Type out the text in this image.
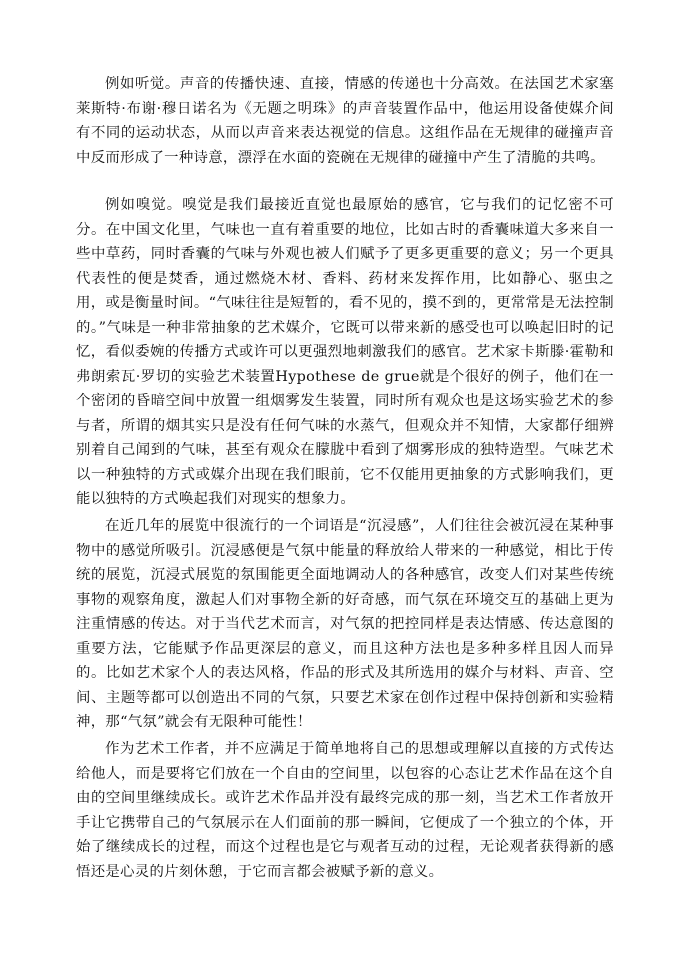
例如听觉。声音的传播快速、直接，情感的传递也十分高效。在法国艺术家塞莱斯特·布谢·穆日诺名为《无题之明珠》的声音装置作品中，他运用设备使媒介间有不同的运动状态，从而以声音来表达视觉的信息。这组作品在无规律的碰撞声音中反而形成了一种诗意，漂浮在水面的瓷碗在无规律的碰撞中产生了清脆的共鸣。

例如嗅觉。嗅觉是我们最接近直觉也最原始的感官，它与我们的记忆密不可分。在中国文化里，气味也一直有着重要的地位，比如古时的香囊味道大多来自一些中草药，同时香囊的气味与外观也被人们赋予了更多更重要的意义；另一个更具代表性的便是焚香，通过燃烧木材、香料、药材来发挥作用，比如静心、驱虫之用，或是衡量时间。“气味往往是短暂的，看不见的，摸不到的，更常常是无法控制的。”气味是一种非常抽象的艺术媒介，它既可以带来新的感受也可以唤起旧时的记忆，看似委婉的传播方式或许可以更强烈地刺激我们的感官。艺术家卡斯滕·霍勒和弗朗索瓦·罗切的实验艺术装置Hypothese de grue就是个很好的例子，他们在一个密闭的昏暗空间中放置一组烟雾发生装置，同时所有观众也是这场实验艺术的参与者，所谓的烟其实只是没有任何气味的水蒸气，但观众并不知情，大家都仔细辨别着自己闻到的气味，甚至有观众在朦胧中看到了烟雾形成的独特造型。气味艺术以一种独特的方式或媒介出现在我们眼前，它不仅能用更抽象的方式影响我们，更能以独特的方式唤起我们对现实的想象力。

在近几年的展览中很流行的一个词语是“沉浸感”，人们往往会被沉浸在某种事物中的感觉所吸引。沉浸感便是气氛中能量的释放给人带来的一种感觉，相比于传统的展览，沉浸式展览的氛围能更全面地调动人的各种感官，改变人们对某些传统事物的观察角度，激起人们对事物全新的好奇感，而气氛在环境交互的基础上更为注重情感的传达。对于当代艺术而言，对气氛的把控同样是表达情感、传达意图的重要方法，它能赋予作品更深层的意义，而且这种方法也是多种多样且因人而异的。比如艺术家个人的表达风格，作品的形式及其所选用的媒介与材料、声音、空间、主题等都可以创造出不同的气氛，只要艺术家在创作过程中保持创新和实验精神，那“气氛”就会有无限种可能性！

作为艺术工作者，并不应满足于简单地将自己的思想或理解以直接的方式传达给他人，而是要将它们放在一个自由的空间里，以包容的心态让艺术作品在这个自由的空间里继续成长。或许艺术作品并没有最终完成的那一刻，当艺术工作者放开手让它携带自己的气氛展示在人们面前的那一瞬间，它便成了一个独立的个体，开始了继续成长的过程，而这个过程也是它与观者互动的过程，无论观者获得新的感悟还是心灵的片刻休憩，于它而言都会被赋予新的意义。
